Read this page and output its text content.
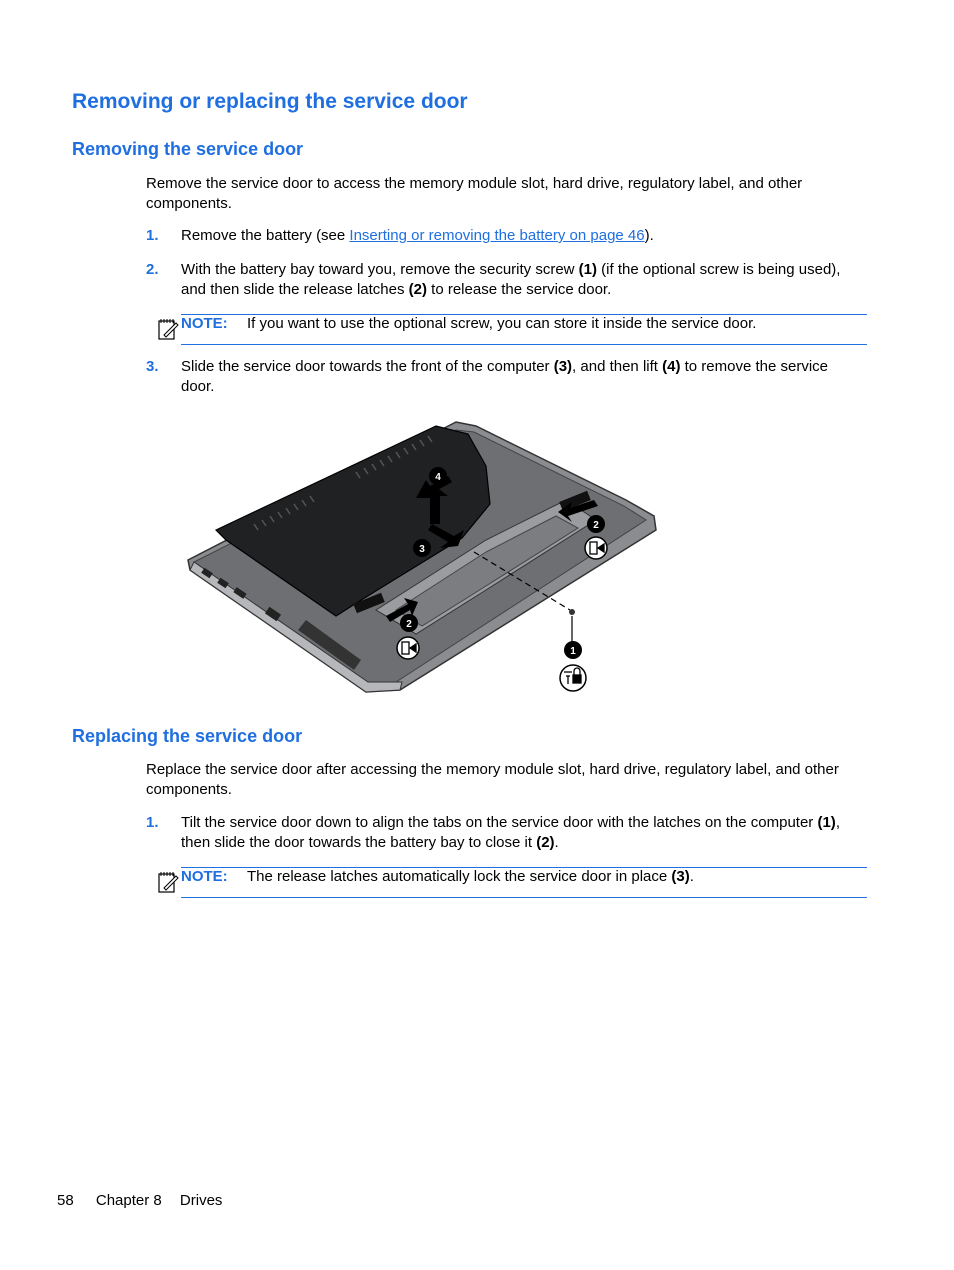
Removing or replacing the service door
Removing the service door

Remove the service door to access the memory module slot, hard drive, regulatory label, and other components.

1. Remove the battery (see Inserting or removing the battery on page 46).
2. With the battery bay toward you, remove the security screw (1) (if the optional screw is being used), and then slide the release latches (2) to release the service door.
NOTE: If you want to use the optional screw, you can store it inside the service door.
3. Slide the service door towards the front of the computer (3), and then lift (4) to remove the service door.
4
3
2
2
1
Replacing the service door

Replace the service door after accessing the memory module slot, hard drive, regulatory label, and other components.

1. Tilt the service door down to align the tabs on the service door with the latches on the computer (1), then slide the door towards the battery bay to close it (2).
NOTE: The release latches automatically lock the service door in place (3).
58 Chapter 8 Drives
